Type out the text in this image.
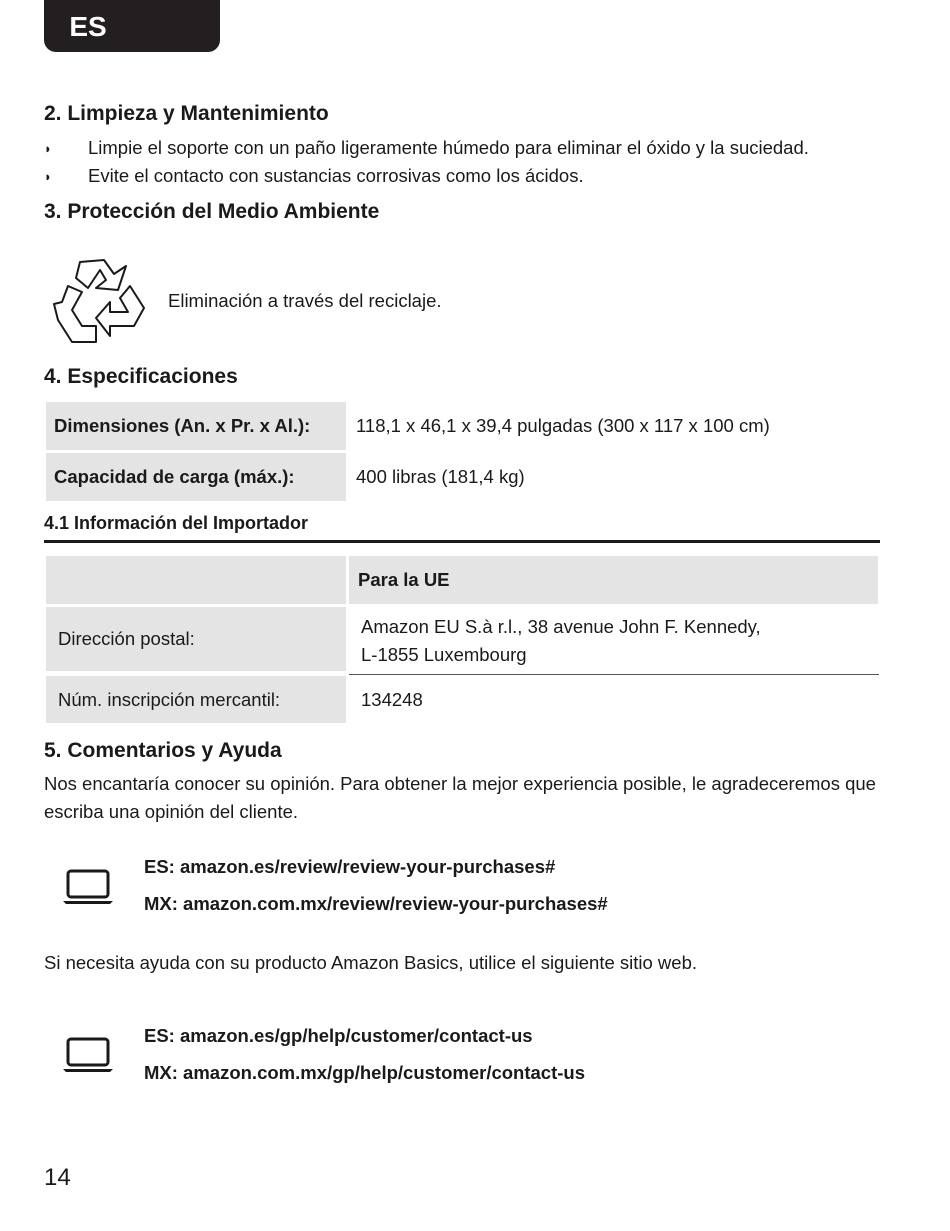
ES
2. Limpieza y Mantenimiento
◗	Limpie el soporte con un paño ligeramente húmedo para eliminar el óxido y la suciedad.
◗	Evite el contacto con sustancias corrosivas como los ácidos.
3. Protección del Medio Ambiente
Eliminación a través del reciclaje.
4. Especificaciones
Dimensiones (An. x Pr. x Al.):	118,1 x 46,1 x 39,4 pulgadas (300 x 117 x 100 cm)
Capacidad de carga (máx.):	400 libras (181,4 kg)
4.1 Información del Importador
Para la UE
Dirección postal:
Amazon EU S.à r.l., 38 avenue John F. Kennedy,
L-1855 Luxembourg
Núm. inscripción mercantil:	134248
5. Comentarios y Ayuda
Nos encantaría conocer su opinión. Para obtener la mejor experiencia posible, le agradeceremos que
escriba una opinión del cliente.
ES: amazon.es/review/review-your-purchases#
MX: amazon.com.mx/review/review-your-purchases#
Si necesita ayuda con su producto Amazon Basics, utilice el siguiente sitio web.
ES: amazon.es/gp/help/customer/contact-us
MX: amazon.com.mx/gp/help/customer/contact-us
14
